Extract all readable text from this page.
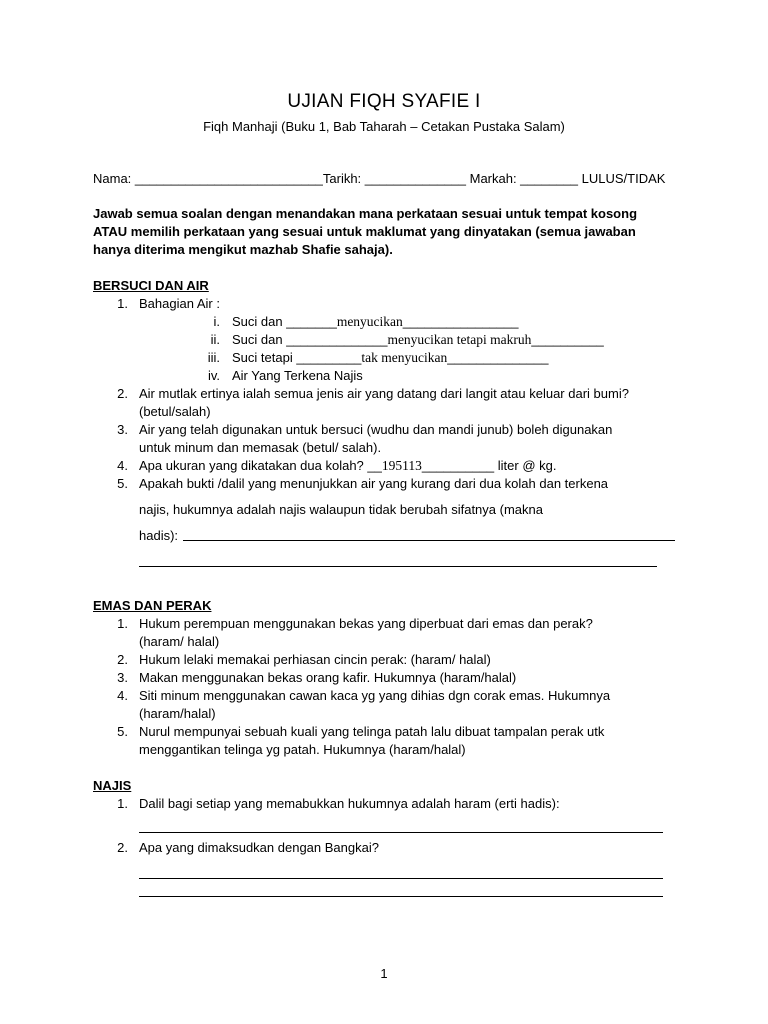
UJIAN FIQH SYAFIE I
Fiqh Manhaji (Buku 1, Bab Taharah – Cetakan Pustaka Salam)
Nama: __________________________Tarikh: ______________ Markah: ________ LULUS/TIDAK
Jawab semua soalan dengan menandakan mana perkataan sesuai untuk tempat kosong
ATAU memilih perkataan yang sesuai untuk maklumat yang dinyatakan (semua jawaban
hanya diterima mengikut mazhab Shafie sahaja).
BERSUCI DAN AIR
1. Bahagian Air :
i. Suci dan _______menyucikan________________
ii. Suci dan ______________menyucikan tetapi makruh__________
iii. Suci tetapi _________tak menyucikan______________
iv. Air Yang Terkena Najis
2. Air mutlak ertinya ialah semua jenis air yang datang dari langit atau keluar dari bumi?
(betul/salah)
3. Air yang telah digunakan untuk bersuci (wudhu dan mandi junub) boleh digunakan
untuk minum dan memasak (betul/ salah).
4. Apa ukuran yang dikatakan dua kolah? __195113__________ liter @ kg.
5. Apakah bukti /dalil yang menunjukkan air yang kurang dari dua kolah dan terkena
najis, hukumnya adalah najis walaupun tidak berubah sifatnya (makna
hadis):
EMAS DAN PERAK
1. Hukum perempuan menggunakan bekas yang diperbuat dari emas dan perak?
(haram/ halal)
2. Hukum lelaki memakai perhiasan cincin perak: (haram/ halal)
3. Makan menggunakan bekas orang kafir. Hukumnya (haram/halal)
4. Siti minum menggunakan cawan kaca yg yang dihias dgn corak emas. Hukumnya
(haram/halal)
5. Nurul mempunyai sebuah kuali yang telinga patah lalu dibuat tampalan perak utk
menggantikan telinga yg patah. Hukumnya (haram/halal)
NAJIS
1. Dalil bagi setiap yang memabukkan hukumnya adalah haram (erti hadis):
2. Apa yang dimaksudkan dengan Bangkai?
1
